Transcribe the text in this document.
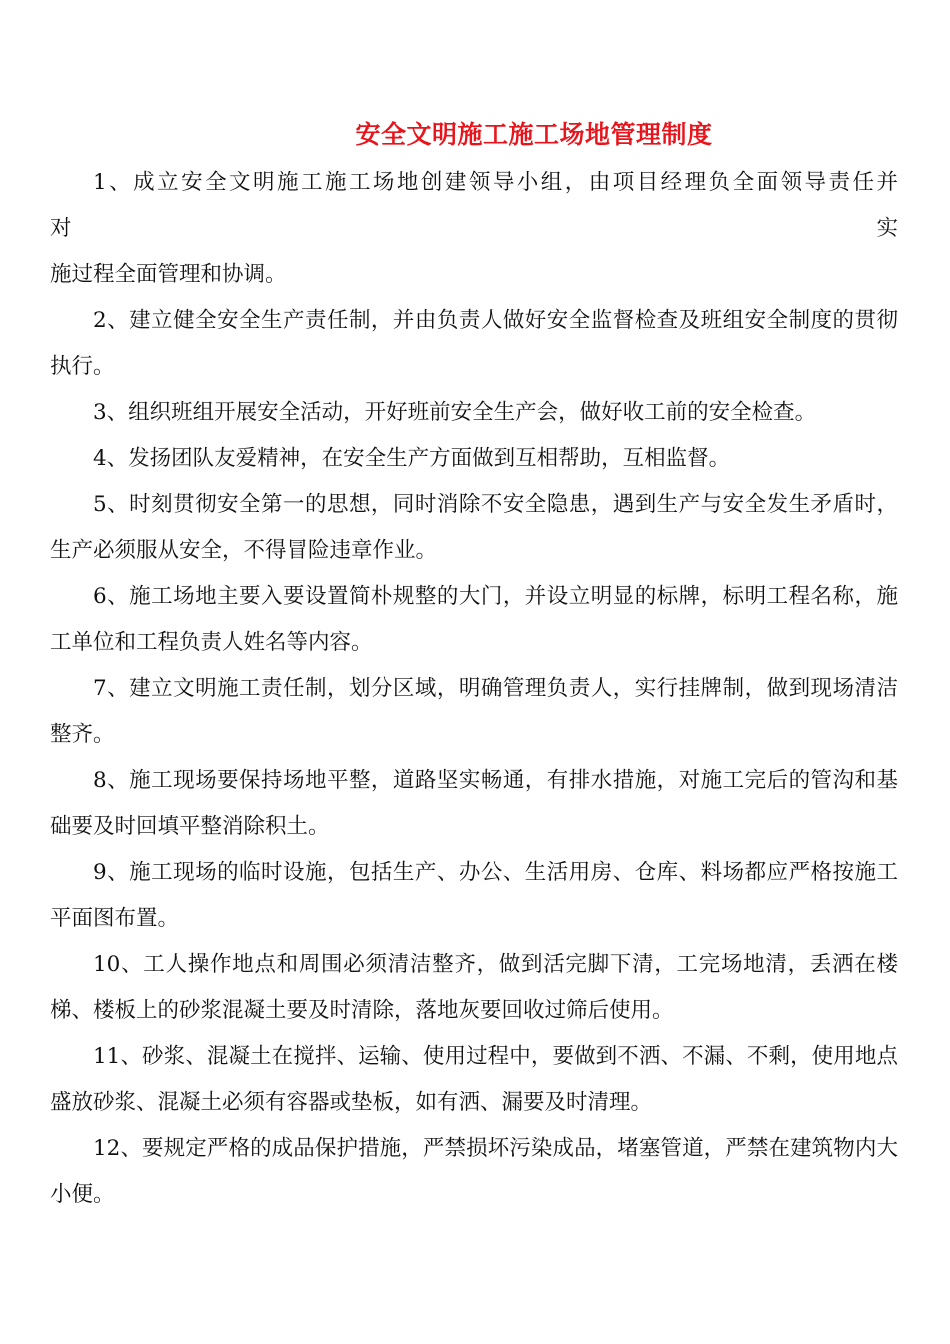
安全文明施工施工场地管理制度

1、成立安全文明施工施工场地创建领导小组，由项目经理负全面领导责任并

对	实

施过程全面管理和协调。

2、建立健全安全生产责任制，并由负责人做好安全监督检查及班组安全制度的贯彻执行。

3、组织班组开展安全活动，开好班前安全生产会，做好收工前的安全检查。

4、发扬团队友爱精神，在安全生产方面做到互相帮助，互相监督。

5、时刻贯彻安全第一的思想，同时消除不安全隐患，遇到生产与安全发生矛盾时，生产必须服从安全，不得冒险违章作业。

6、施工场地主要入要设置简朴规整的大门，并设立明显的标牌，标明工程名称，施工单位和工程负责人姓名等内容。

7、建立文明施工责任制，划分区域，明确管理负责人，实行挂牌制，做到现场清洁整齐。

8、施工现场要保持场地平整，道路坚实畅通，有排水措施，对施工完后的管沟和基础要及时回填平整消除积土。

9、施工现场的临时设施，包括生产、办公、生活用房、仓库、料场都应严格按施工平面图布置。

10、工人操作地点和周围必须清洁整齐，做到活完脚下清，工完场地清，丢洒在楼梯、楼板上的砂浆混凝土要及时清除，落地灰要回收过筛后使用。

11、砂浆、混凝土在搅拌、运输、使用过程中，要做到不洒、不漏、不剩，使用地点盛放砂浆、混凝土必须有容器或垫板，如有洒、漏要及时清理。

12、要规定严格的成品保护措施，严禁损坏污染成品，堵塞管道，严禁在建筑物内大小便。
